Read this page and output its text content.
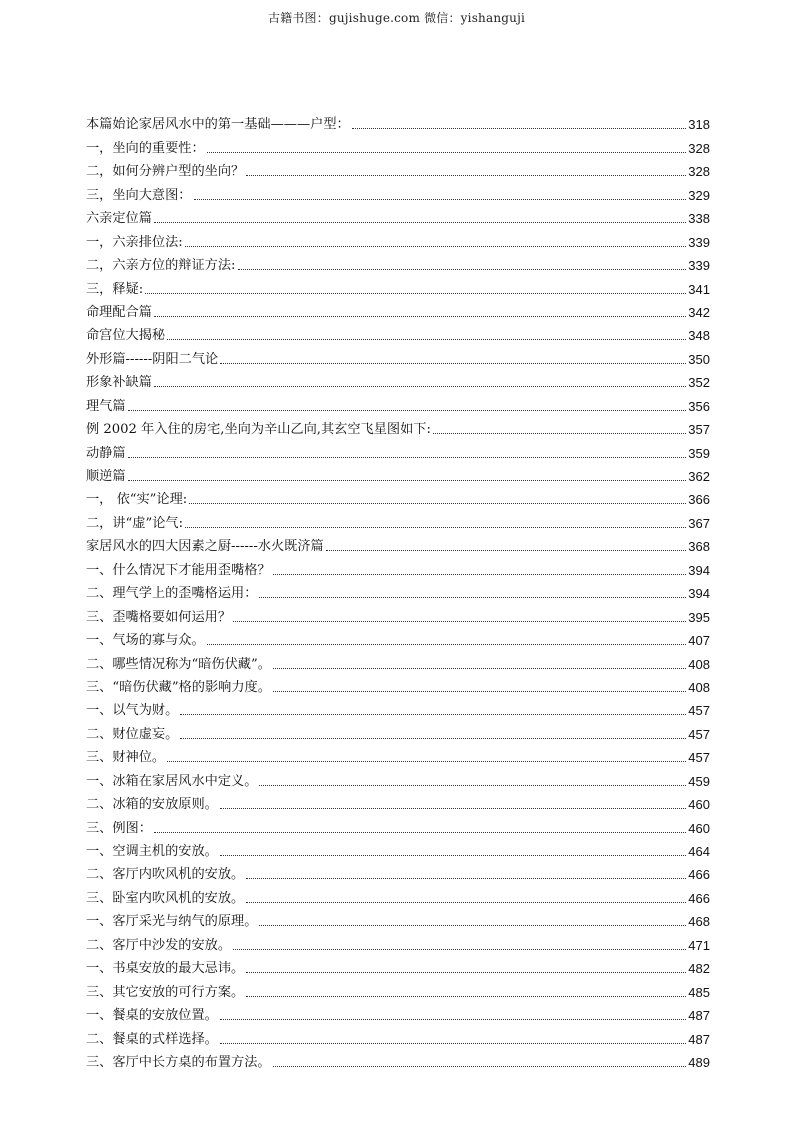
古籍书图：gujishuge.com 微信：yishanguji
本篇始论家居风水中的第一基础———户型：	318
一，坐向的重要性：	328
二，如何分辨户型的坐向？	328
三，坐向大意图：	329
六亲定位篇	338
一，六亲排位法:	339
二，六亲方位的辩证方法:	339
三，释疑:	341
命理配合篇	342
命宫位大揭秘	348
外形篇------阴阳二气论	350
形象补缺篇	352
理气篇	356
例 2002 年入住的房宅,坐向为辛山乙向,其玄空飞星图如下:	357
动静篇	359
顺逆篇	362
一， 依“实”论理:	366
二，讲“虚”论气:	367
家居风水的四大因素之厨------水火既济篇	368
一、什么情况下才能用歪嘴格？	394
二、理气学上的歪嘴格运用：	394
三、歪嘴格要如何运用？	395
一、气场的寡与众。	407
二、哪些情况称为“暗伤伏藏”。	408
三、“暗伤伏藏”格的影响力度。	408
一、以气为财。	457
二、财位虚妄。	457
三、财神位。	457
一、冰箱在家居风水中定义。	459
二、冰箱的安放原则。	460
三、例图：	460
一、空调主机的安放。	464
二、客厅内吹风机的安放。	466
三、卧室内吹风机的安放。	466
一、客厅采光与纳气的原理。	468
二、客厅中沙发的安放。	471
一、书桌安放的最大忌讳。	482
三、其它安放的可行方案。	485
一、餐桌的安放位置。	487
二、餐桌的式样选择。	487
三、客厅中长方桌的布置方法。	489
